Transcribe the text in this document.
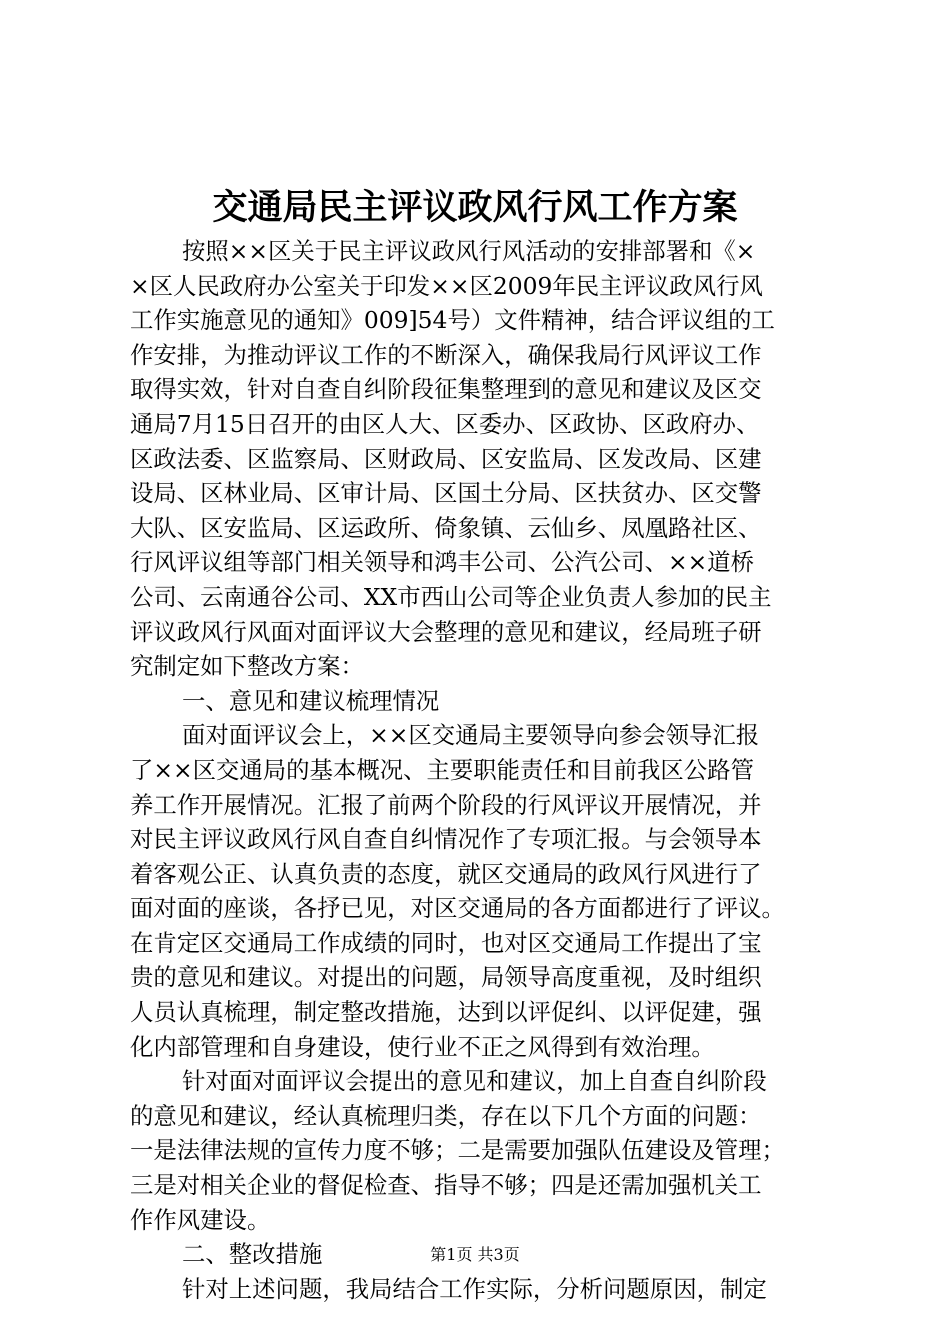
交通局民主评议政风行风工作方案
按照××区关于民主评议政风行风活动的安排部署和《×
×区人民政府办公室关于印发××区2009年民主评议政风行风
工作实施意见的通知》009]54号）文件精神，结合评议组的工
作安排，为推动评议工作的不断深入，确保我局行风评议工作
取得实效，针对自查自纠阶段征集整理到的意见和建议及区交
通局7月15日召开的由区人大、区委办、区政协、区政府办、
区政法委、区监察局、区财政局、区安监局、区发改局、区建
设局、区林业局、区审计局、区国土分局、区扶贫办、区交警
大队、区安监局、区运政所、倚象镇、云仙乡、凤凰路社区、
行风评议组等部门相关领导和鸿丰公司、公汽公司、××道桥
公司、云南通谷公司、XX市西山公司等企业负责人参加的民主
评议政风行风面对面评议大会整理的意见和建议，经局班子研
究制定如下整改方案：
一、意见和建议梳理情况
面对面评议会上，××区交通局主要领导向参会领导汇报
了××区交通局的基本概况、主要职能责任和目前我区公路管
养工作开展情况。汇报了前两个阶段的行风评议开展情况，并
对民主评议政风行风自查自纠情况作了专项汇报。与会领导本
着客观公正、认真负责的态度，就区交通局的政风行风进行了
面对面的座谈，各抒已见，对区交通局的各方面都进行了评议。
在肯定区交通局工作成绩的同时，也对区交通局工作提出了宝
贵的意见和建议。对提出的问题，局领导高度重视，及时组织
人员认真梳理，制定整改措施，达到以评促纠、以评促建，强
化内部管理和自身建设，使行业不正之风得到有效治理。
针对面对面评议会提出的意见和建议，加上自查自纠阶段
的意见和建议，经认真梳理归类，存在以下几个方面的问题：
一是法律法规的宣传力度不够；二是需要加强队伍建设及管理；
三是对相关企业的督促检查、指导不够；四是还需加强机关工
作作风建设。
二、整改措施
针对上述问题，我局结合工作实际，分析问题原因，制定
第1页 共3页
